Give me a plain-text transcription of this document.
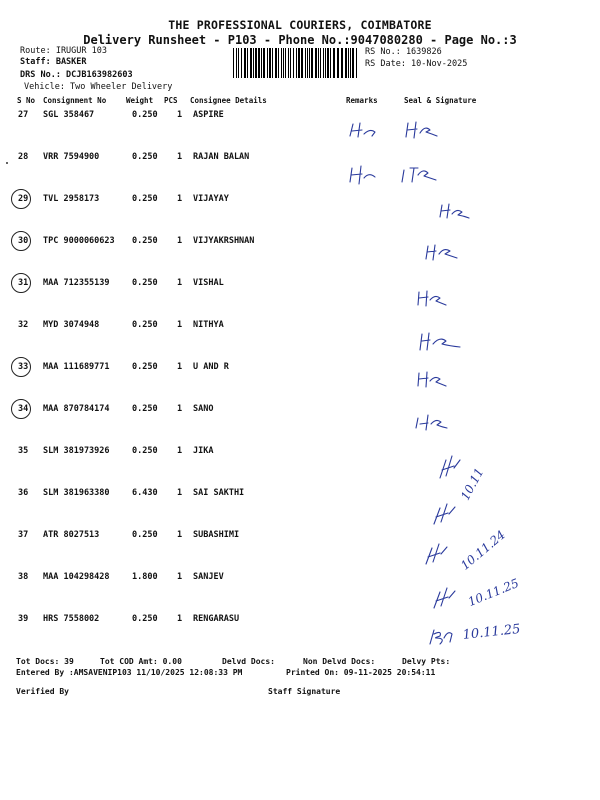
THE PROFESSIONAL COURIERS, COIMBATORE
Delivery Runsheet - P103 - Phone No.:9047080280 - Page No.:3
Route: IRUGUR 103
Staff: BASKER
DRS No.: DCJB163982603
Vehicle: Two Wheeler Delivery
RS No.: 1639826
RS Date: 10-Nov-2025
S No Consignment No	Weight PCS Consignee Details	Remarks	Seal & Signature
27 SGL 358467	0.250 1 ASPIRE
28 VRR 7594900	0.250 1 RAJAN BALAN
29 TVL 2958173	0.250 1 VIJAYAY
30 TPC 9000060623 0.250 1 VIJYAKRSHNAN
31 MAA 712355139	0.250 1 VISHAL
32 MYD 3074948	0.250 1 NITHYA
33 MAA 111689771	0.250 1 U AND R
34 MAA 870784174	0.250 1 SANO
35 SLM 381973926	0.250 1 JIKA
36 SLM 381963380	6.430 1 SAI SAKTHI
37 ATR 8027513	0.250 1 SUBASHIMI
38 MAA 104298428	1.800 1 SANJEV
39 HRS 7558002	0.250 1 RENGARASU
10.11
10.11.24
10.11.25
10.11.25
Tot Docs: 39	Tot COD Amt: 0.00	Delvd Docs:	Non Delvd Docs:	Delvy Pts:
Entered By :AMSAVENIP103 11/10/2025 12:08:33 PM	Printed On: 09-11-2025 20:54:11
Verified By	Staff Signature
